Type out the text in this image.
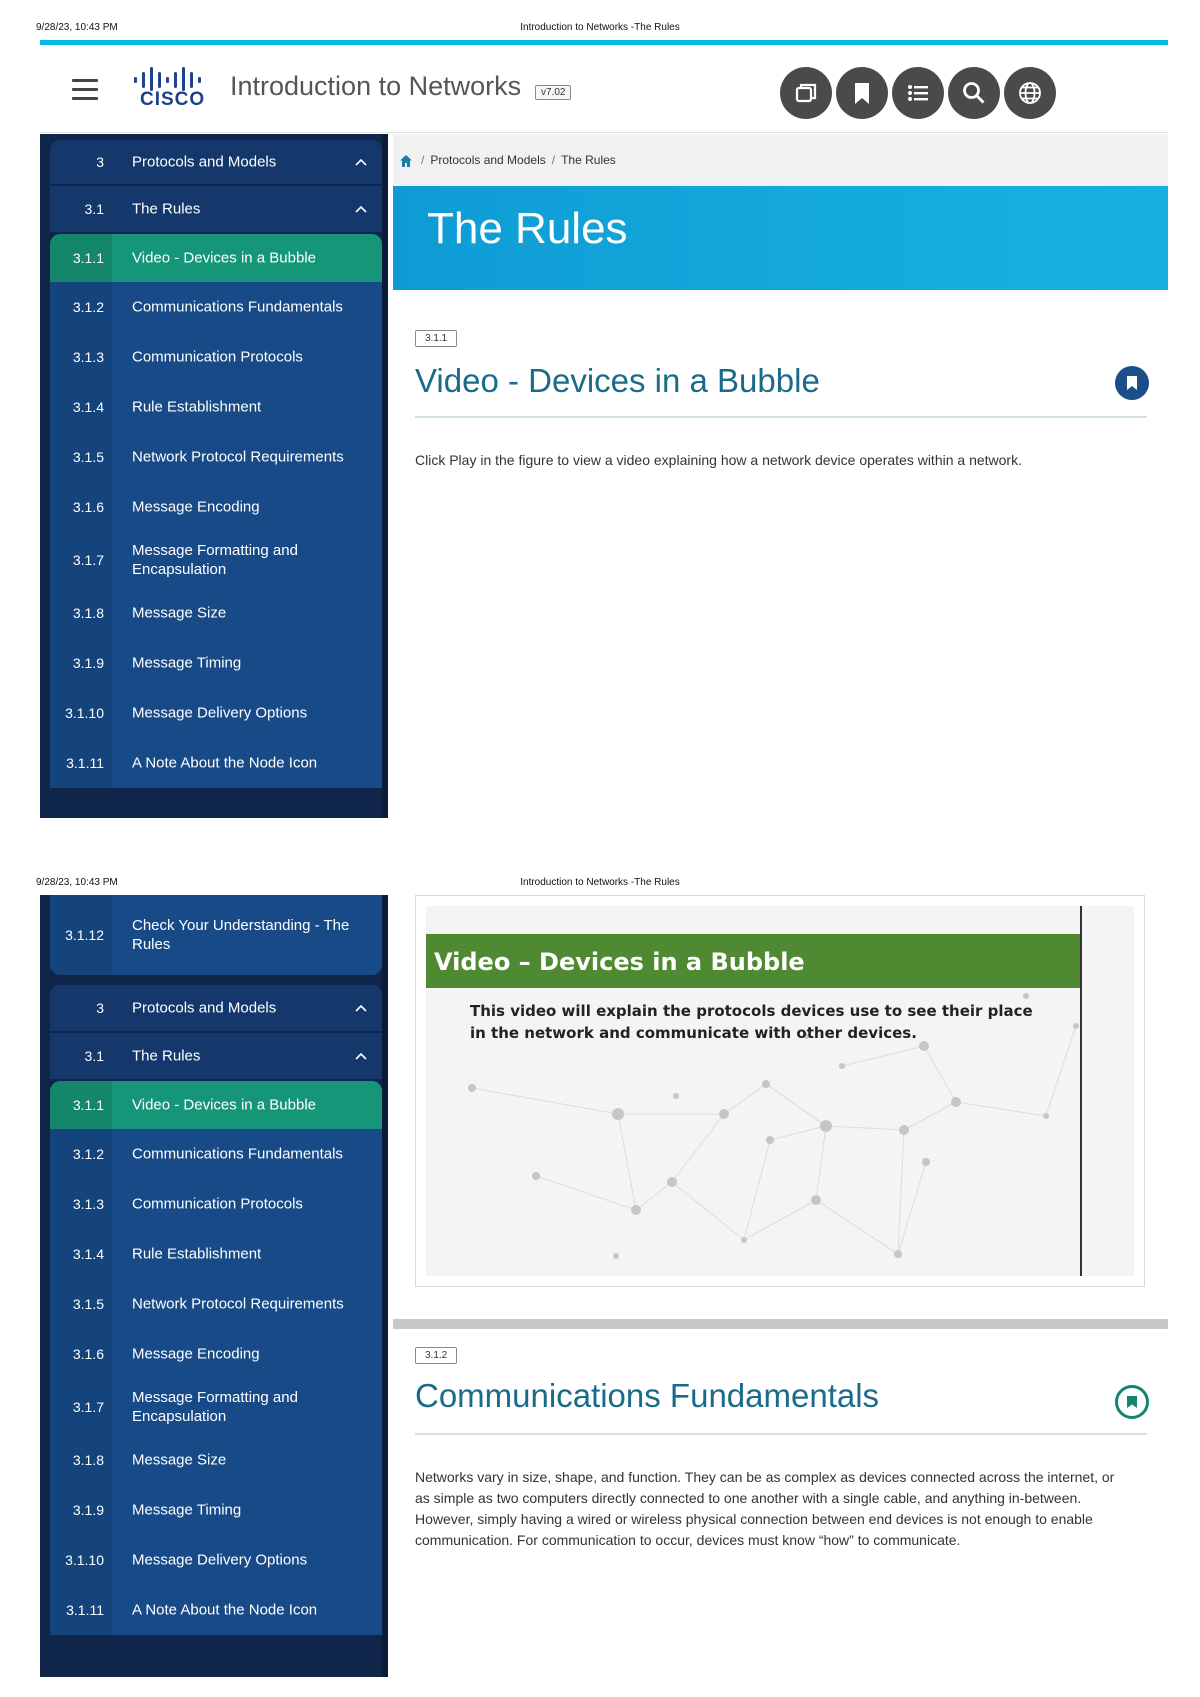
9/28/23, 10:43 PM	Introduction to Networks -The Rules
CISCO Introduction to Networks	v7.02
3 Protocols and Models
3.1 The Rules
3.1.1 Video - Devices in a Bubble
3.1.2 Communications Fundamentals
3.1.3 Communication Protocols
3.1.4 Rule Establishment
3.1.5 Network Protocol Requirements
3.1.6 Message Encoding
3.1.7
Message Formatting and Encapsulation
3.1.8 Message Size
3.1.9 Message Timing
3.1.10 Message Delivery Options
3.1.11 A Note About the Node Icon
/ Protocols and Models / The Rules
The Rules
3.1.1
Video - Devices in a Bubble

Click Play in the figure to view a video explaining how a network device operates within a network.

9/28/23, 10:43 PM	Introduction to Networks -The Rules
3.1.12
Check Your Understanding - The Rules
3 Protocols and Models
3.1 The Rules
3.1.1 Video - Devices in a Bubble
3.1.2 Communications Fundamentals
3.1.3 Communication Protocols
3.1.4 Rule Establishment
3.1.5 Network Protocol Requirements
3.1.6 Message Encoding
3.1.7
Message Formatting and Encapsulation
3.1.8 Message Size
3.1.9 Message Timing
3.1.10 Message Delivery Options
3.1.11 A Note About the Node Icon
Video – Devices in a Bubble
This video will explain the protocols devices use to see their place in the network and communicate with other devices.
3.1.2
Communications Fundamentals

Networks vary in size, shape, and function. They can be as complex as devices connected across the internet, or as simple as two computers directly connected to one another with a single cable, and anything in-between. However, simply having a wired or wireless physical connection between end devices is not enough to enable communication. For communication to occur, devices must know “how” to communicate.
